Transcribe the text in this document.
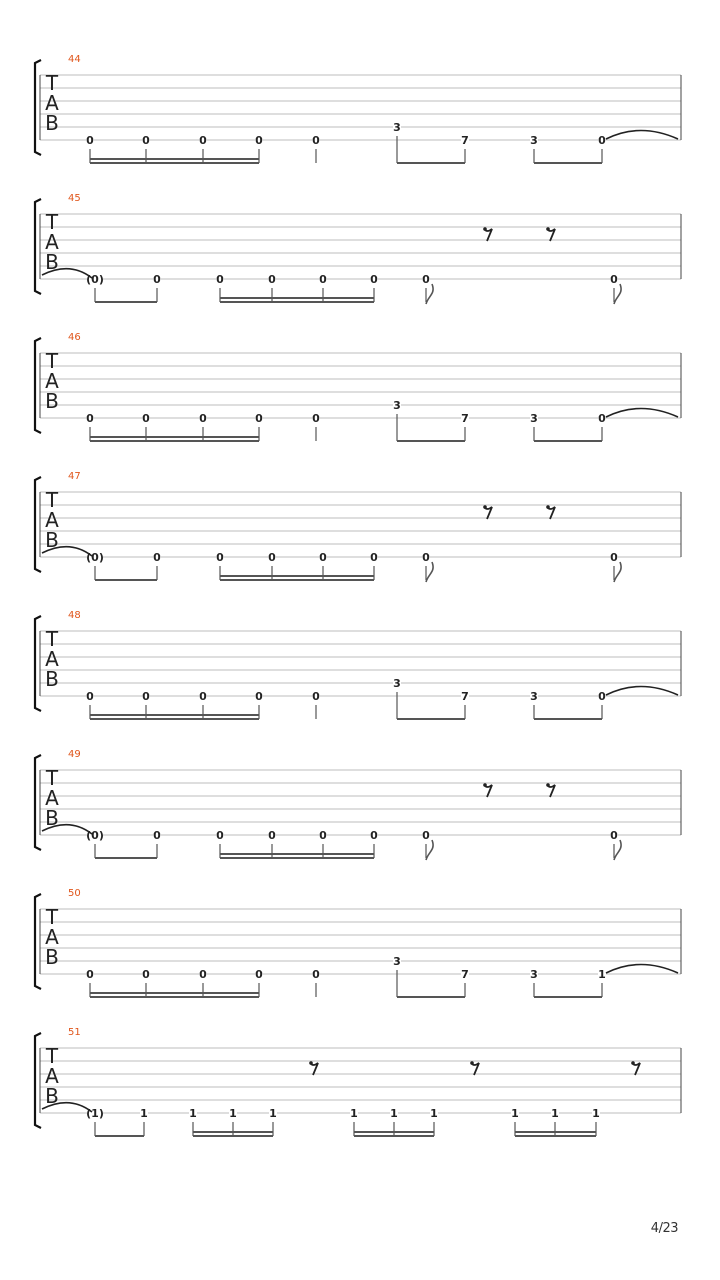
T
A
B
44
0	0	0	0	0
3
7	3	0
T
A
B
45
(0)	0	0	0	0	0	0	0
T
A
B
46
0	0	0	0	0
3
7	3	0
T
A
B
47
(0)	0	0	0	0	0	0	0
T
A
B
48
0	0	0	0	0
3
7	3	0
T
A
B
49
(0)	0	0	0	0	0	0	0
T
A
B
50
0	0	0	0	0
3
7	3	1
T
A
B
51
(1)	1	1	1	1	1	1	1	1	1	1
4/23
